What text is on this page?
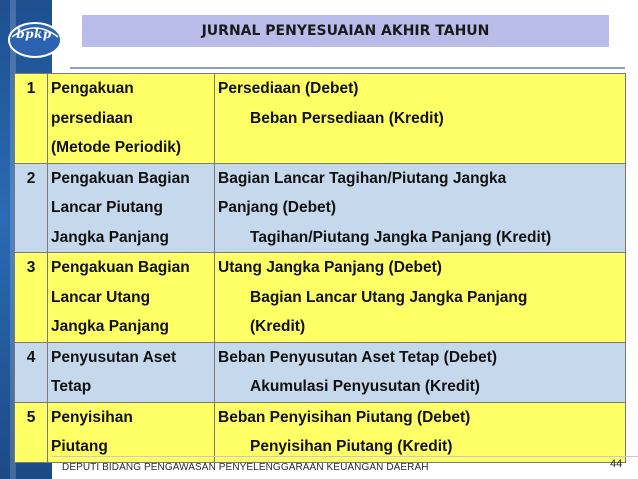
bpkp	JURNAL PENYESUAIAN AKHIR TAHUN
1	Pengakuan
persediaan
(Metode Periodik)	Persediaan (Debet)
Beban Persediaan (Kredit)

2	Pengakuan Bagian
Lancar Piutang
Jangka Panjang	Bagian Lancar Tagihan/Piutang Jangka
Panjang (Debet)
Tagihan/Piutang Jangka Panjang (Kredit)

3	Pengakuan Bagian
Lancar Utang
Jangka Panjang	Utang Jangka Panjang (Debet)
Bagian Lancar Utang Jangka Panjang
(Kredit)

4	Penyusutan Aset
Tetap	Beban Penyusutan Aset Tetap (Debet)
Akumulasi Penyusutan (Kredit)

5	Penyisihan
Piutang	Beban Penyisihan Piutang (Debet)
Penyisihan Piutang (Kredit)
DEPUTI BIDANG PENGAWASAN PENYELENGGARAAN KEUANGAN DAERAH	44
